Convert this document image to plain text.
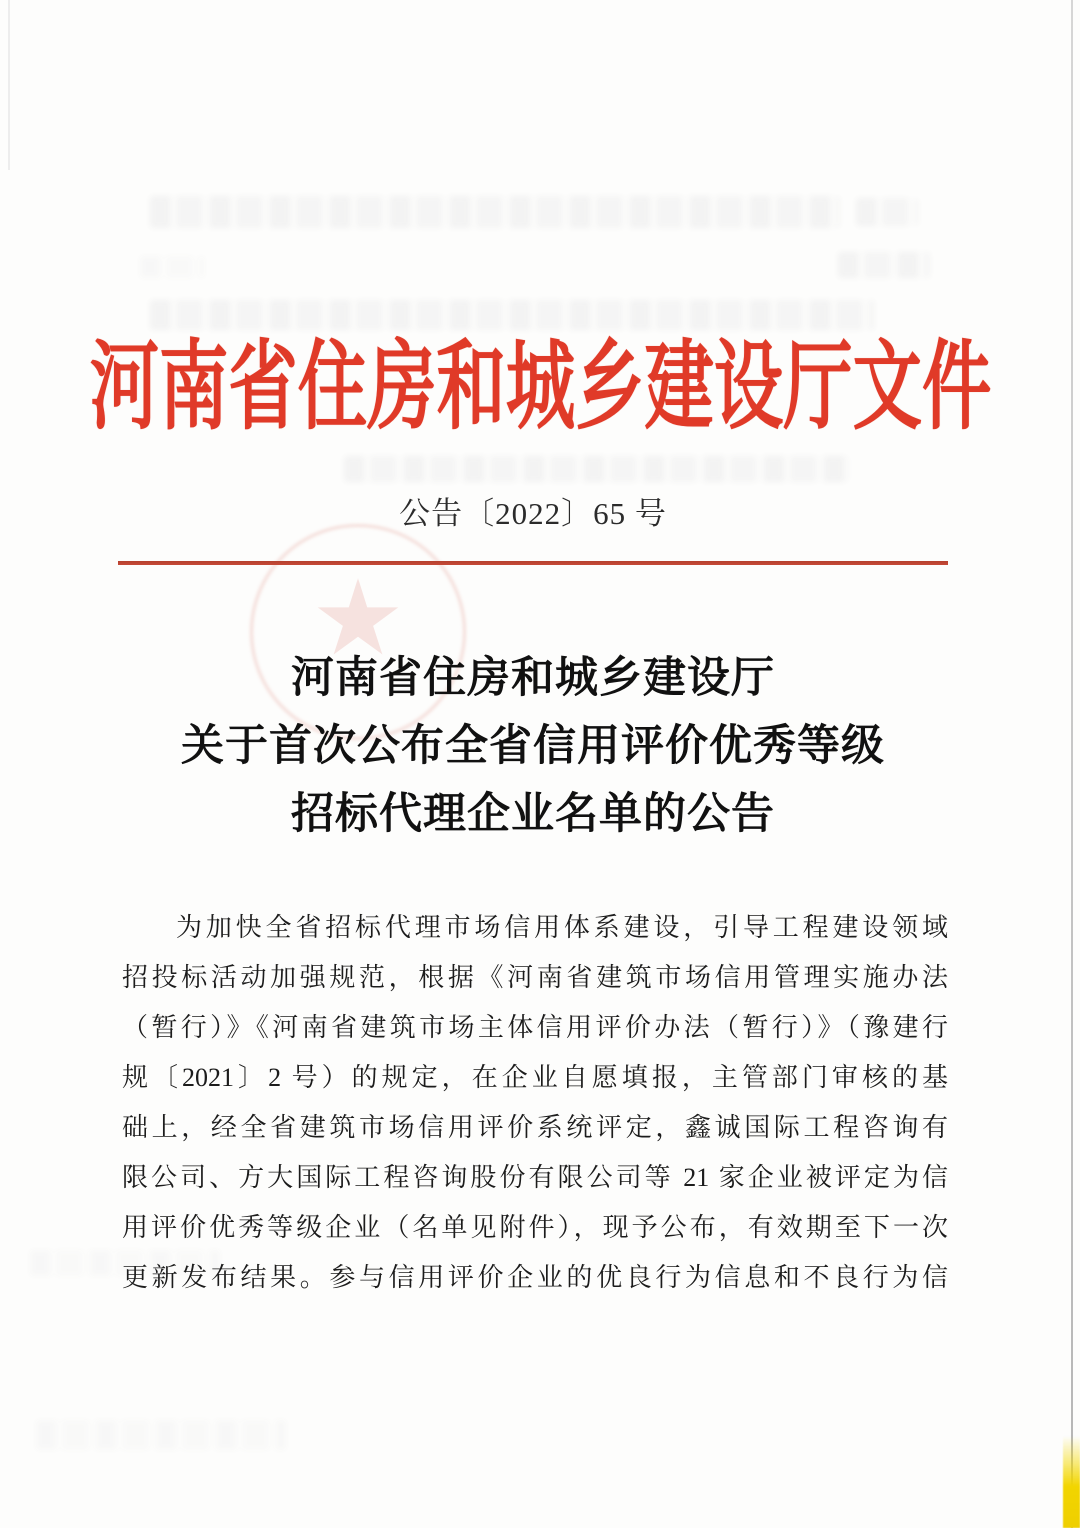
河南省住房和城乡建设厅文件
公告〔2022〕65 号
河南省住房和城乡建设厅
关于首次公布全省信用评价优秀等级
招标代理企业名单的公告
为加快全省招标代理市场信用体系建设，引导工程建设领域
招投标活动加强规范，根据《河南省建筑市场信用管理实施办法
（暂行）》《河南省建筑市场主体信用评价办法（暂行）》（豫建行
规〔2021〕2 号）的规定，在企业自愿填报，主管部门审核的基
础上，经全省建筑市场信用评价系统评定，鑫诚国际工程咨询有
限公司、方大国际工程咨询股份有限公司等 21 家企业被评定为信
用评价优秀等级企业（名单见附件），现予公布，有效期至下一次
更新发布结果。参与信用评价企业的优良行为信息和不良行为信
